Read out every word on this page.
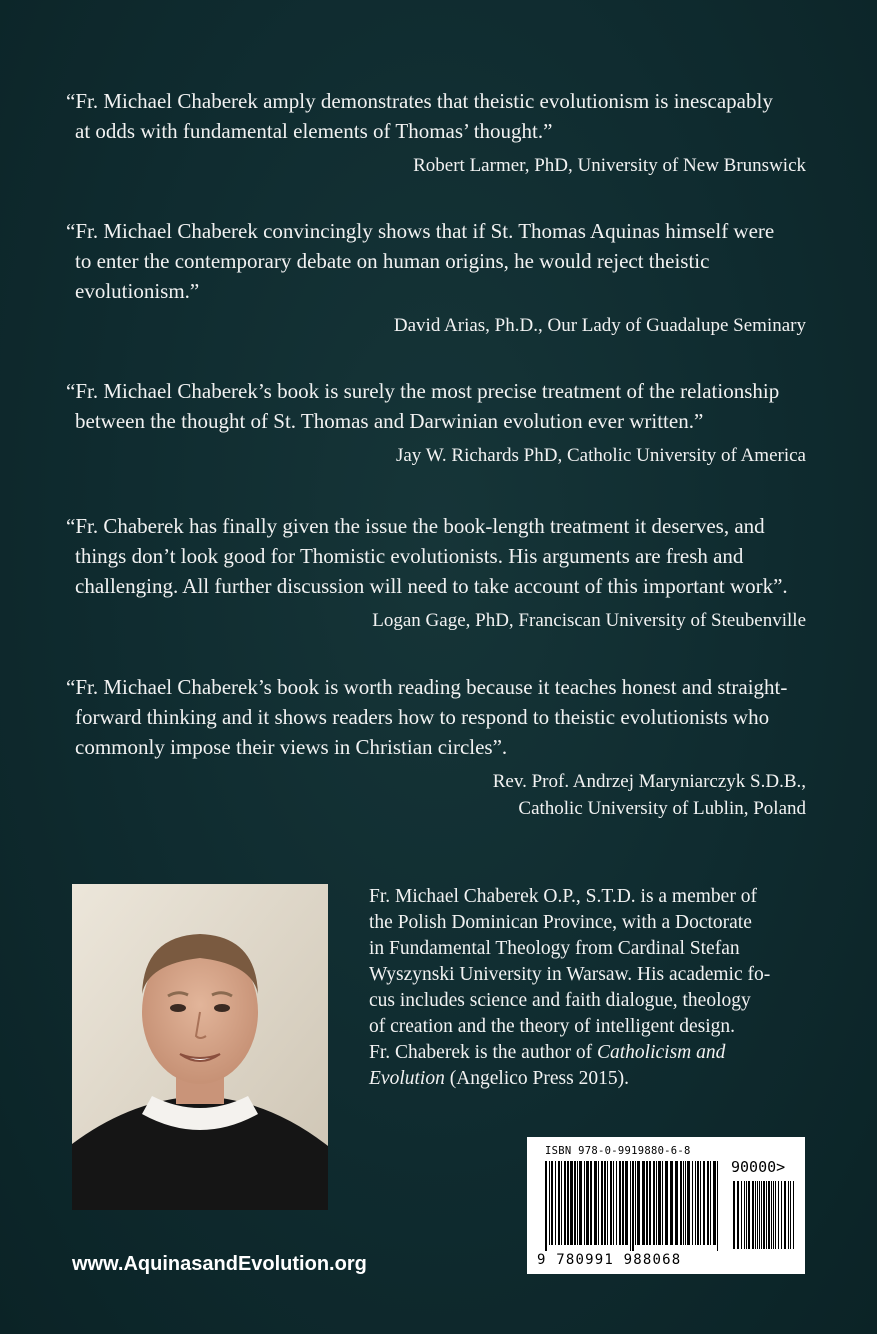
“Fr. Michael Chaberek amply demonstrates that theistic evolutionism is inescapably
at odds with fundamental elements of Thomas’ thought.”

Robert Larmer, PhD, University of New Brunswick

“Fr. Michael Chaberek convincingly shows that if St. Thomas Aquinas himself were
to enter the contemporary debate on human origins, he would reject theistic
evolutionism.”

David Arias, Ph.D., Our Lady of Guadalupe Seminary

“Fr. Michael Chaberek’s book is surely the most precise treatment of the relationship
between the thought of St. Thomas and Darwinian evolution ever written.”

Jay W. Richards PhD, Catholic University of America

“Fr. Chaberek has finally given the issue the book-length treatment it deserves, and
things don’t look good for Thomistic evolutionists. His arguments are fresh and
challenging. All further discussion will need to take account of this important work”.

Logan Gage, PhD, Franciscan University of Steubenville

“Fr. Michael Chaberek’s book is worth reading because it teaches honest and straight-
forward thinking and it shows readers how to respond to theistic evolutionists who
commonly impose their views in Christian circles”.

Rev. Prof. Andrzej Maryniarczyk S.D.B.,
Catholic University of Lublin, Poland

Fr. Michael Chaberek O.P., S.T.D. is a member of
the Polish Dominican Province, with a Doctorate
in Fundamental Theology from Cardinal Stefan
Wyszynski University in Warsaw. His academic fo-
cus includes science and faith dialogue, theology
of creation and the theory of intelligent design.
Fr. Chaberek is the author of Catholicism and
Evolution (Angelico Press 2015).
ISBN 978-0-9919880-6-8
90000>
9 780991 988068
www.AquinasandEvolution.org
